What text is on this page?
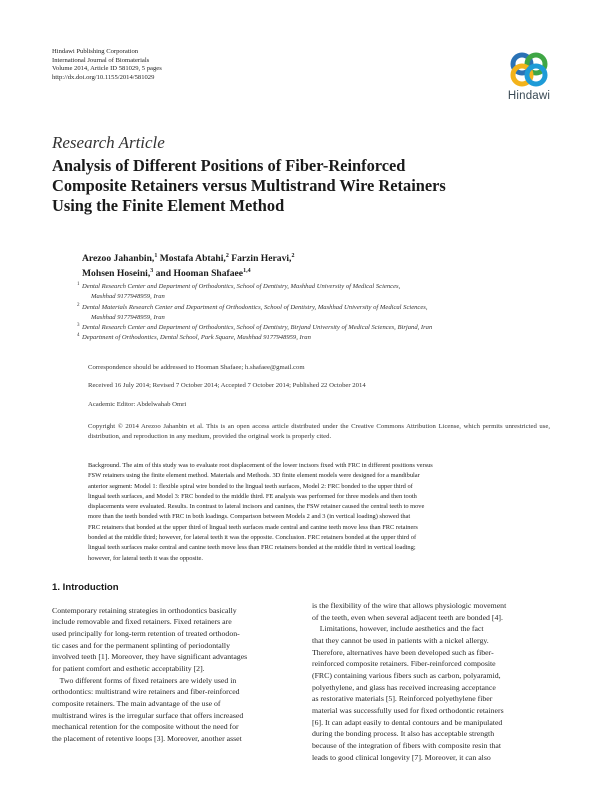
Hindawi Publishing Corporation
International Journal of Biomaterials
Volume 2014, Article ID 581029, 5 pages
http://dx.doi.org/10.1155/2014/581029
Hindawi
Research Article
Analysis of Different Positions of Fiber-Reinforced
Composite Retainers versus Multistrand Wire Retainers
Using the Finite Element Method
Arezoo Jahanbin,$^1$ Mostafa Abtahi,$^2$ Farzin Heravi,$^2$
Mohsen Hoseini,$^3$ and Hooman Shafaee$^{1,4}$
1 Dental Research Center and Department of Orthodontics, School of Dentistry, Mashhad University of Medical Sciences,
Mashhad 9177948959, Iran
2 Dental Materials Research Center and Department of Orthodontics, School of Dentistry, Mashhad University of Medical Sciences,
Mashhad 9177948959, Iran
3 Dental Research Center and Department of Orthodontics, School of Dentistry, Birjand University of Medical Sciences, Birjand, Iran
4 Department of Orthodontics, Dental School, Park Square, Mashhad 9177948959, Iran
Correspondence should be addressed to Hooman Shafaee; h.shafaee@gmail.com
Received 16 July 2014; Revised 7 October 2014; Accepted 7 October 2014; Published 22 October 2014
Academic Editor: Abdelwahab Omri
Copyright © 2014 Arezoo Jahanbin et al. This is an open access article distributed under the Creative Commons Attribution License, which permits unrestricted use, distribution, and reproduction in any medium, provided the original work is properly cited.
Background. The aim of this study was to evaluate root displacement of the lower incisors fixed with FRC in different positions versus
FSW retainers using the finite element method. Materials and Methods. 3D finite element models were designed for a mandibular
anterior segment: Model 1: flexible spiral wire bonded to the lingual teeth surfaces, Model 2: FRC bonded to the upper third of
lingual teeth surfaces, and Model 3: FRC bonded to the middle third. FE analysis was performed for three models and then tooth
displacements were evaluated. Results. In contrast to lateral incisors and canines, the FSW retainer caused the central teeth to move
more than the teeth bonded with FRC in both loadings. Comparison between Models 2 and 3 (in vertical loading) showed that
FRC retainers that bonded at the upper third of lingual teeth surfaces made central and canine teeth move less than FRC retainers
bonded at the middle third; however, for lateral teeth it was the opposite. Conclusion. FRC retainers bonded at the upper third of
lingual teeth surfaces make central and canine teeth move less than FRC retainers bonded at the middle third in vertical loading;
however, for lateral teeth it was the opposite.
1. Introduction
Contemporary retaining strategies in orthodontics basically
include removable and fixed retainers. Fixed retainers are
used principally for long-term retention of treated orthodon-
tic cases and for the permanent splinting of periodontally
involved teeth [1]. Moreover, they have significant advantages
for patient comfort and esthetic acceptability [2].
Two different forms of fixed retainers are widely used in
orthodontics: multistrand wire retainers and fiber-reinforced
composite retainers. The main advantage of the use of
multistrand wires is the irregular surface that offers increased
mechanical retention for the composite without the need for
the placement of retentive loops [3]. Moreover, another asset
is the flexibility of the wire that allows physiologic movement
of the teeth, even when several adjacent teeth are bonded [4].
Limitations, however, include aesthetics and the fact
that they cannot be used in patients with a nickel allergy.
Therefore, alternatives have been developed such as fiber-
reinforced composite retainers. Fiber-reinforced composite
(FRC) containing various fibers such as carbon, polyaramid,
polyethylene, and glass has received increasing acceptance
as restorative materials [5]. Reinforced polyethylene fiber
material was successfully used for fixed orthodontic retainers
[6]. It can adapt easily to dental contours and be manipulated
during the bonding process. It also has acceptable strength
because of the integration of fibers with composite resin that
leads to good clinical longevity [7]. Moreover, it can also
